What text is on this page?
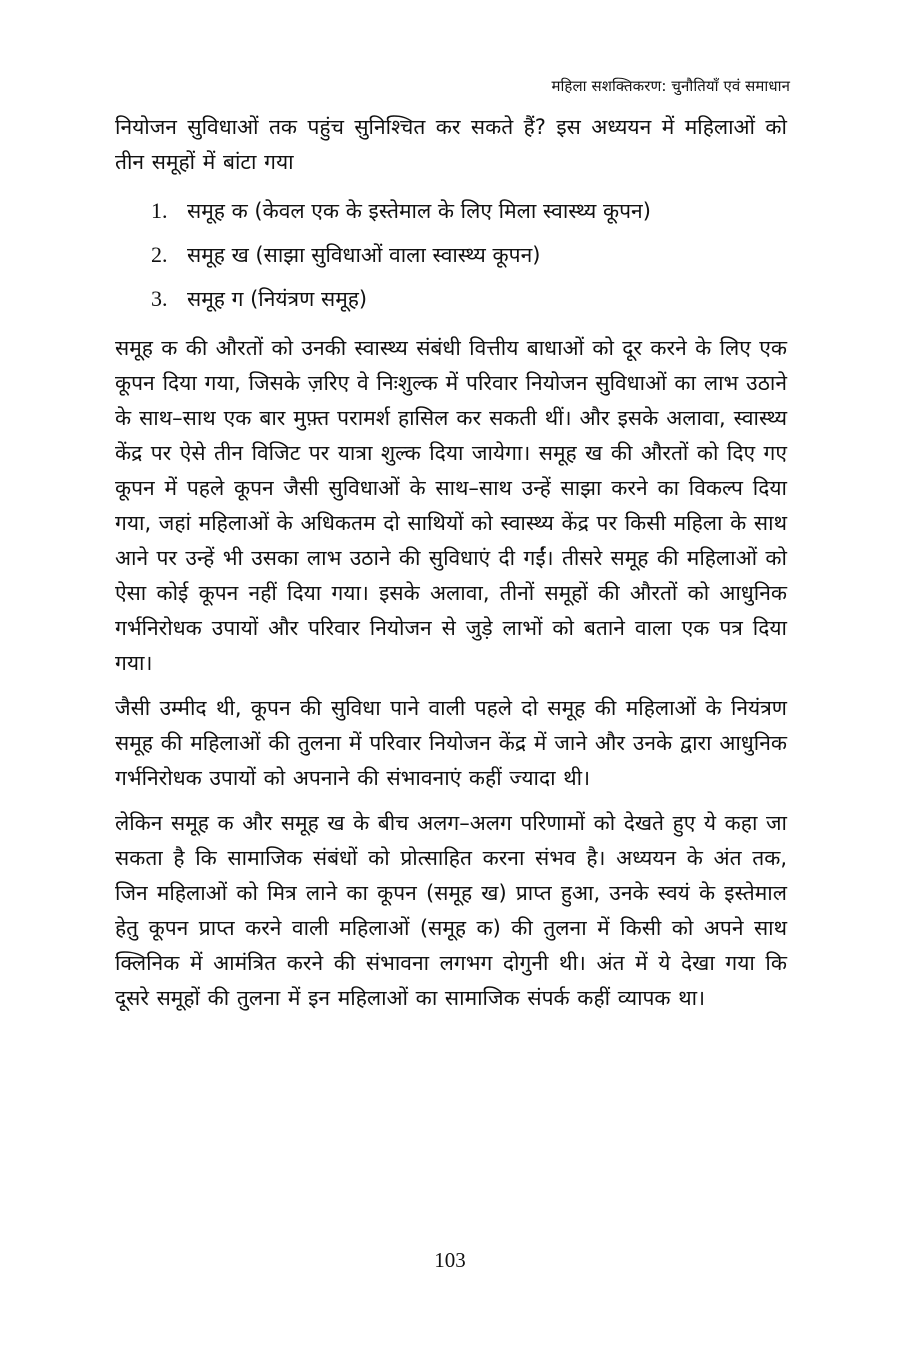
महिला सशक्तिकरण: चुनौतियाँ एवं समाधान

नियोजन सुविधाओं तक पहुंच सुनिश्चित कर सकते हैं? इस अध्ययन में महिलाओं को तीन समूहों में बांटा गया

1. समूह क (केवल एक के इस्तेमाल के लिए मिला स्वास्थ्य कूपन)
2. समूह ख (साझा सुविधाओं वाला स्वास्थ्य कूपन)
3. समूह ग (नियंत्रण समूह)

समूह क की औरतों को उनकी स्वास्थ्य संबंधी वित्तीय बाधाओं को दूर करने के लिए एक कूपन दिया गया, जिसके ज़रिए वे निःशुल्क में परिवार नियोजन सुविधाओं का लाभ उठाने के साथ–साथ एक बार मुफ़्त परामर्श हासिल कर सकती थीं। और इसके अलावा, स्वास्थ्य केंद्र पर ऐसे तीन विजिट पर यात्रा शुल्क दिया जायेगा। समूह ख की औरतों को दिए गए कूपन में पहले कूपन जैसी सुविधाओं के साथ–साथ उन्हें साझा करने का विकल्प दिया गया, जहां महिलाओं के अधिकतम दो साथियों को स्वास्थ्य केंद्र पर किसी महिला के साथ आने पर उन्हें भी उसका लाभ उठाने की सुविधाएं दी गईं। तीसरे समूह की महिलाओं को ऐसा कोई कूपन नहीं दिया गया। इसके अलावा, तीनों समूहों की औरतों को आधुनिक गर्भनिरोधक उपायों और परिवार नियोजन से जुड़े लाभों को बताने वाला एक पत्र दिया गया।

जैसी उम्मीद थी, कूपन की सुविधा पाने वाली पहले दो समूह की महिलाओं के नियंत्रण समूह की महिलाओं की तुलना में परिवार नियोजन केंद्र में जाने और उनके द्वारा आधुनिक गर्भनिरोधक उपायों को अपनाने की संभावनाएं कहीं ज्यादा थी।

लेकिन समूह क और समूह ख के बीच अलग–अलग परिणामों को देखते हुए ये कहा जा सकता है कि सामाजिक संबंधों को प्रोत्साहित करना संभव है। अध्ययन के अंत तक, जिन महिलाओं को मित्र लाने का कूपन (समूह ख) प्राप्त हुआ, उनके स्वयं के इस्तेमाल हेतु कूपन प्राप्त करने वाली महिलाओं (समूह क) की तुलना में किसी को अपने साथ क्लिनिक में आमंत्रित करने की संभावना लगभग दोगुनी थी। अंत में ये देखा गया कि दूसरे समूहों की तुलना में इन महिलाओं का सामाजिक संपर्क कहीं व्यापक था।

103
